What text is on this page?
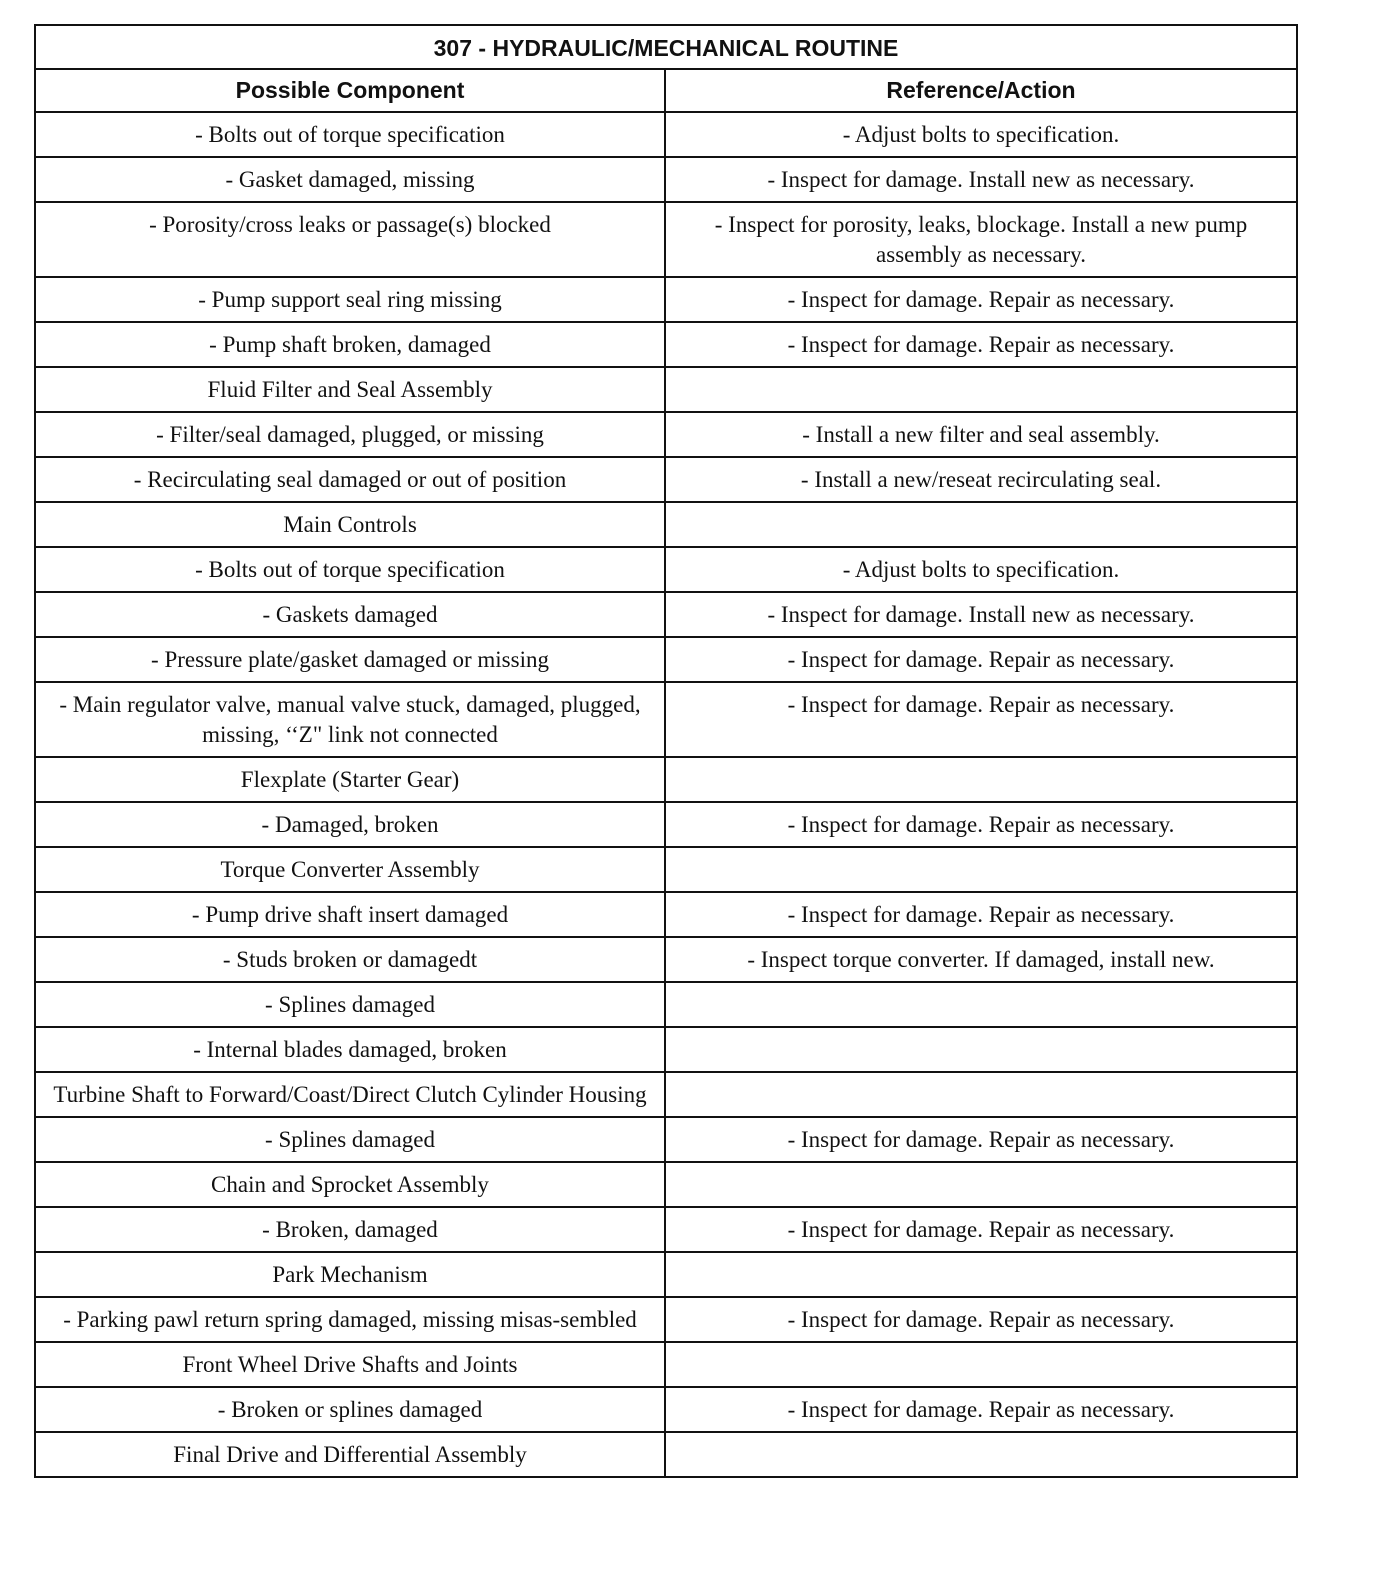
307 - HYDRAULIC/MECHANICAL ROUTINE	
Possible Component	Reference/Action
- Bolts out of torque specification	- Adjust bolts to specification.
- Gasket damaged, missing	- Inspect for damage. Install new as necessary.
- Porosity/cross leaks or passage(s) blocked	- Inspect for porosity, leaks, blockage. Install a new pump assembly as necessary.
- Pump support seal ring missing	- Inspect for damage. Repair as necessary.
- Pump shaft broken, damaged	- Inspect for damage. Repair as necessary.
Fluid Filter and Seal Assembly	
- Filter/seal damaged, plugged, or missing	- Install a new filter and seal assembly.
- Recirculating seal damaged or out of position	- Install a new/reseat recirculating seal.
Main Controls	
- Bolts out of torque specification	- Adjust bolts to specification.
- Gaskets damaged	- Inspect for damage. Install new as necessary.
- Pressure plate/gasket damaged or missing	- Inspect for damage. Repair as necessary.
- Main regulator valve, manual valve stuck, damaged, plugged, missing, ‘‘Z" link not connected	- Inspect for damage. Repair as necessary.
Flexplate (Starter Gear)	
- Damaged, broken	- Inspect for damage. Repair as necessary.
Torque Converter Assembly	
- Pump drive shaft insert damaged	- Inspect for damage. Repair as necessary.
- Studs broken or damagedt	- Inspect torque converter. If damaged, install new.
- Splines damaged	
- Internal blades damaged, broken	
Turbine Shaft to Forward/Coast/Direct Clutch Cylinder Housing	
- Splines damaged	- Inspect for damage. Repair as necessary.
Chain and Sprocket Assembly	
- Broken, damaged	- Inspect for damage. Repair as necessary.
Park Mechanism	
- Parking pawl return spring damaged, missing misas-sembled	- Inspect for damage. Repair as necessary.
Front Wheel Drive Shafts and Joints	
- Broken or splines damaged	- Inspect for damage. Repair as necessary.
Final Drive and Differential Assembly	
